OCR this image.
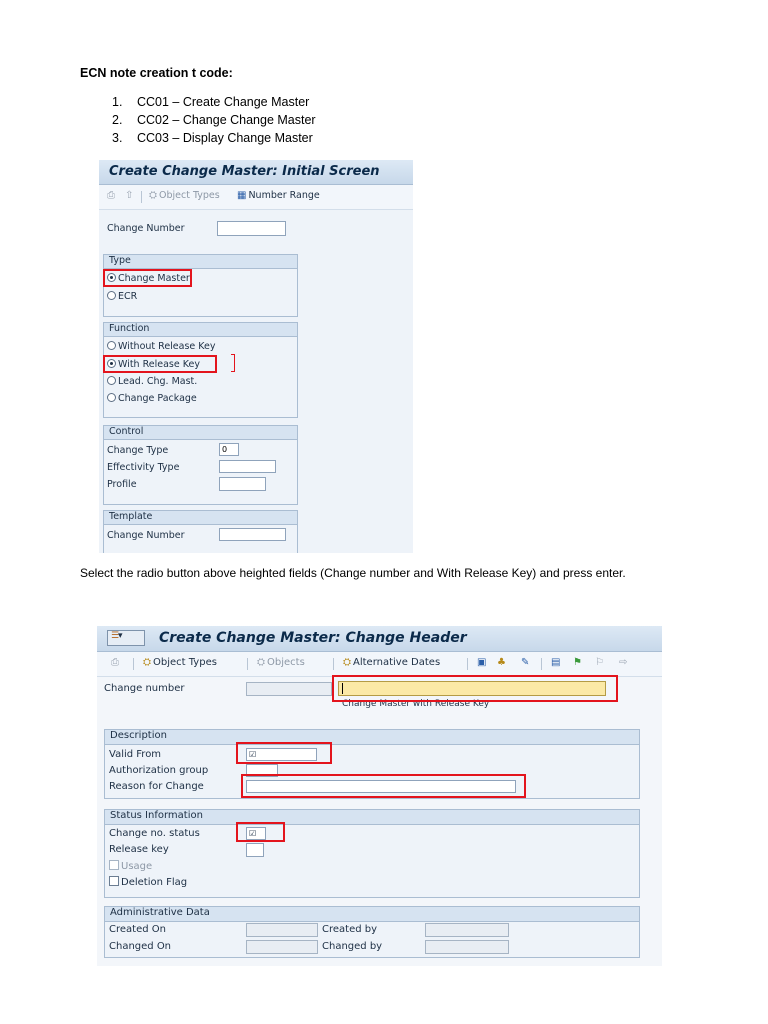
ECN note creation t code:
1. CC01 – Create Change Master
2. CC02 – Change Change Master
3. CC03 – Display Change Master
Create Change Master: Initial Screen
⎙ ⇧ ⛭ Object Types ▦ Number Range
Change Number
Type
Change Master
ECR
Function
Without Release Key
With Release Key
Lead. Chg. Mast.
Change Package
Control
Change Type	0
Effectivity Type
Profile
Template
Change Number
Select the radio button above heighted fields (Change number and With Release Key) and press enter.
☰
▾	Create Change Master: Change Header
⎙ ⛭ Object Types	⛭ Objects	⛭ Alternative Dates	▣ ♣ ✎ ▤ ⚑ ⚐ ⇨
Change number
Change Master with Release Key
Description
Valid From	☑
Authorization group
Reason for Change
Status Information
Change no. status	☑
Release key
Usage
Deletion Flag
Administrative Data
Created On	Created by
Changed On	Changed by
